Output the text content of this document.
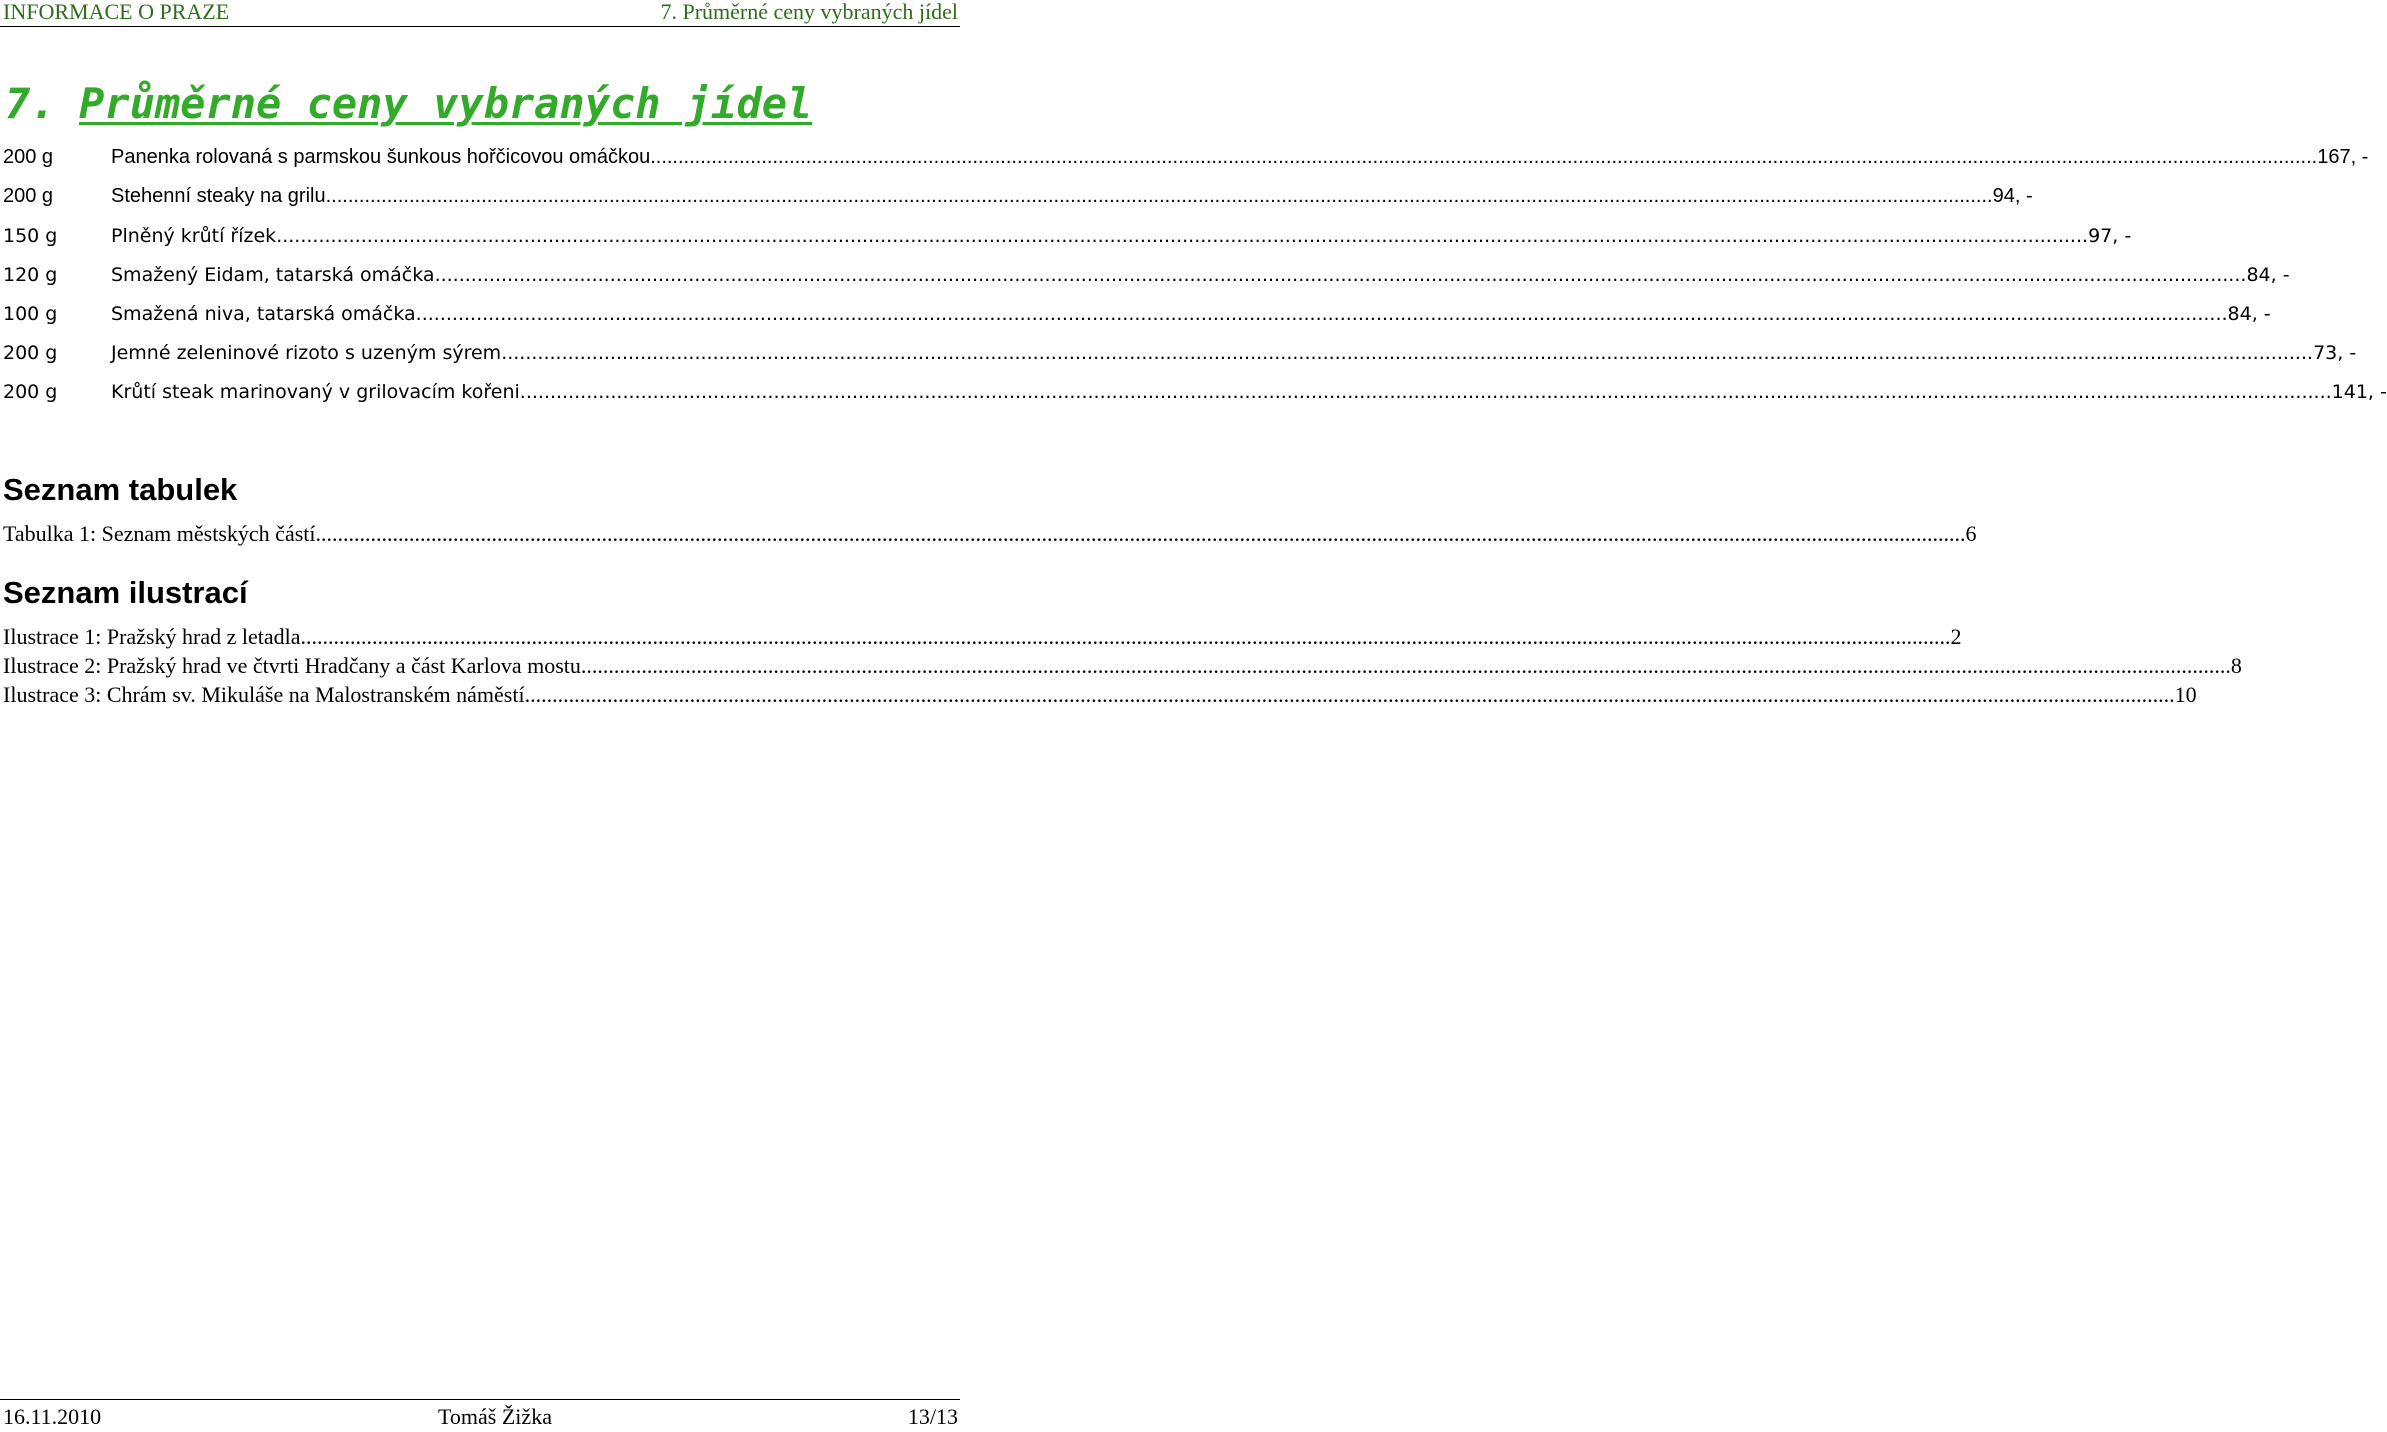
INFORMACE O PRAZE	7. Průměrné ceny vybraných jídel
7. Průměrné ceny vybraných jídel
200 g	Panenka rolovaná s parmskou šunkous hořčicovou omáčkou ............................................................................................................................................................................................................................................................................................................ 167, -
200 g	Stehenní steaky na grilu ............................................................................................................................................................................................................................................................................................................ 94, -
150 g	Plněný krůtí řízek ............................................................................................................................................................................................................................................................................................................ 97, -
120 g	Smažený Eidam, tatarská omáčka ............................................................................................................................................................................................................................................................................................................ 84, -
100 g	Smažená niva, tatarská omáčka ............................................................................................................................................................................................................................................................................................................ 84, -
200 g	Jemné zeleninové rizoto s uzeným sýrem ............................................................................................................................................................................................................................................................................................................ 73, -
200 g	Krůtí steak marinovaný v grilovacím kořeni ............................................................................................................................................................................................................................................................................................................ 141, -
Seznam tabulek
Tabulka 1: Seznam městských částí ............................................................................................................................................................................................................................................................................................................ 6
Seznam ilustrací
Ilustrace 1: Pražský hrad z letadla ............................................................................................................................................................................................................................................................................................................ 2
Ilustrace 2: Pražský hrad ve čtvrti Hradčany a část Karlova mostu ............................................................................................................................................................................................................................................................................................................ 8
Ilustrace 3: Chrám sv. Mikuláše na Malostranském náměstí ............................................................................................................................................................................................................................................................................................................ 10
16.11.2010	Tomáš Žižka	13/13
